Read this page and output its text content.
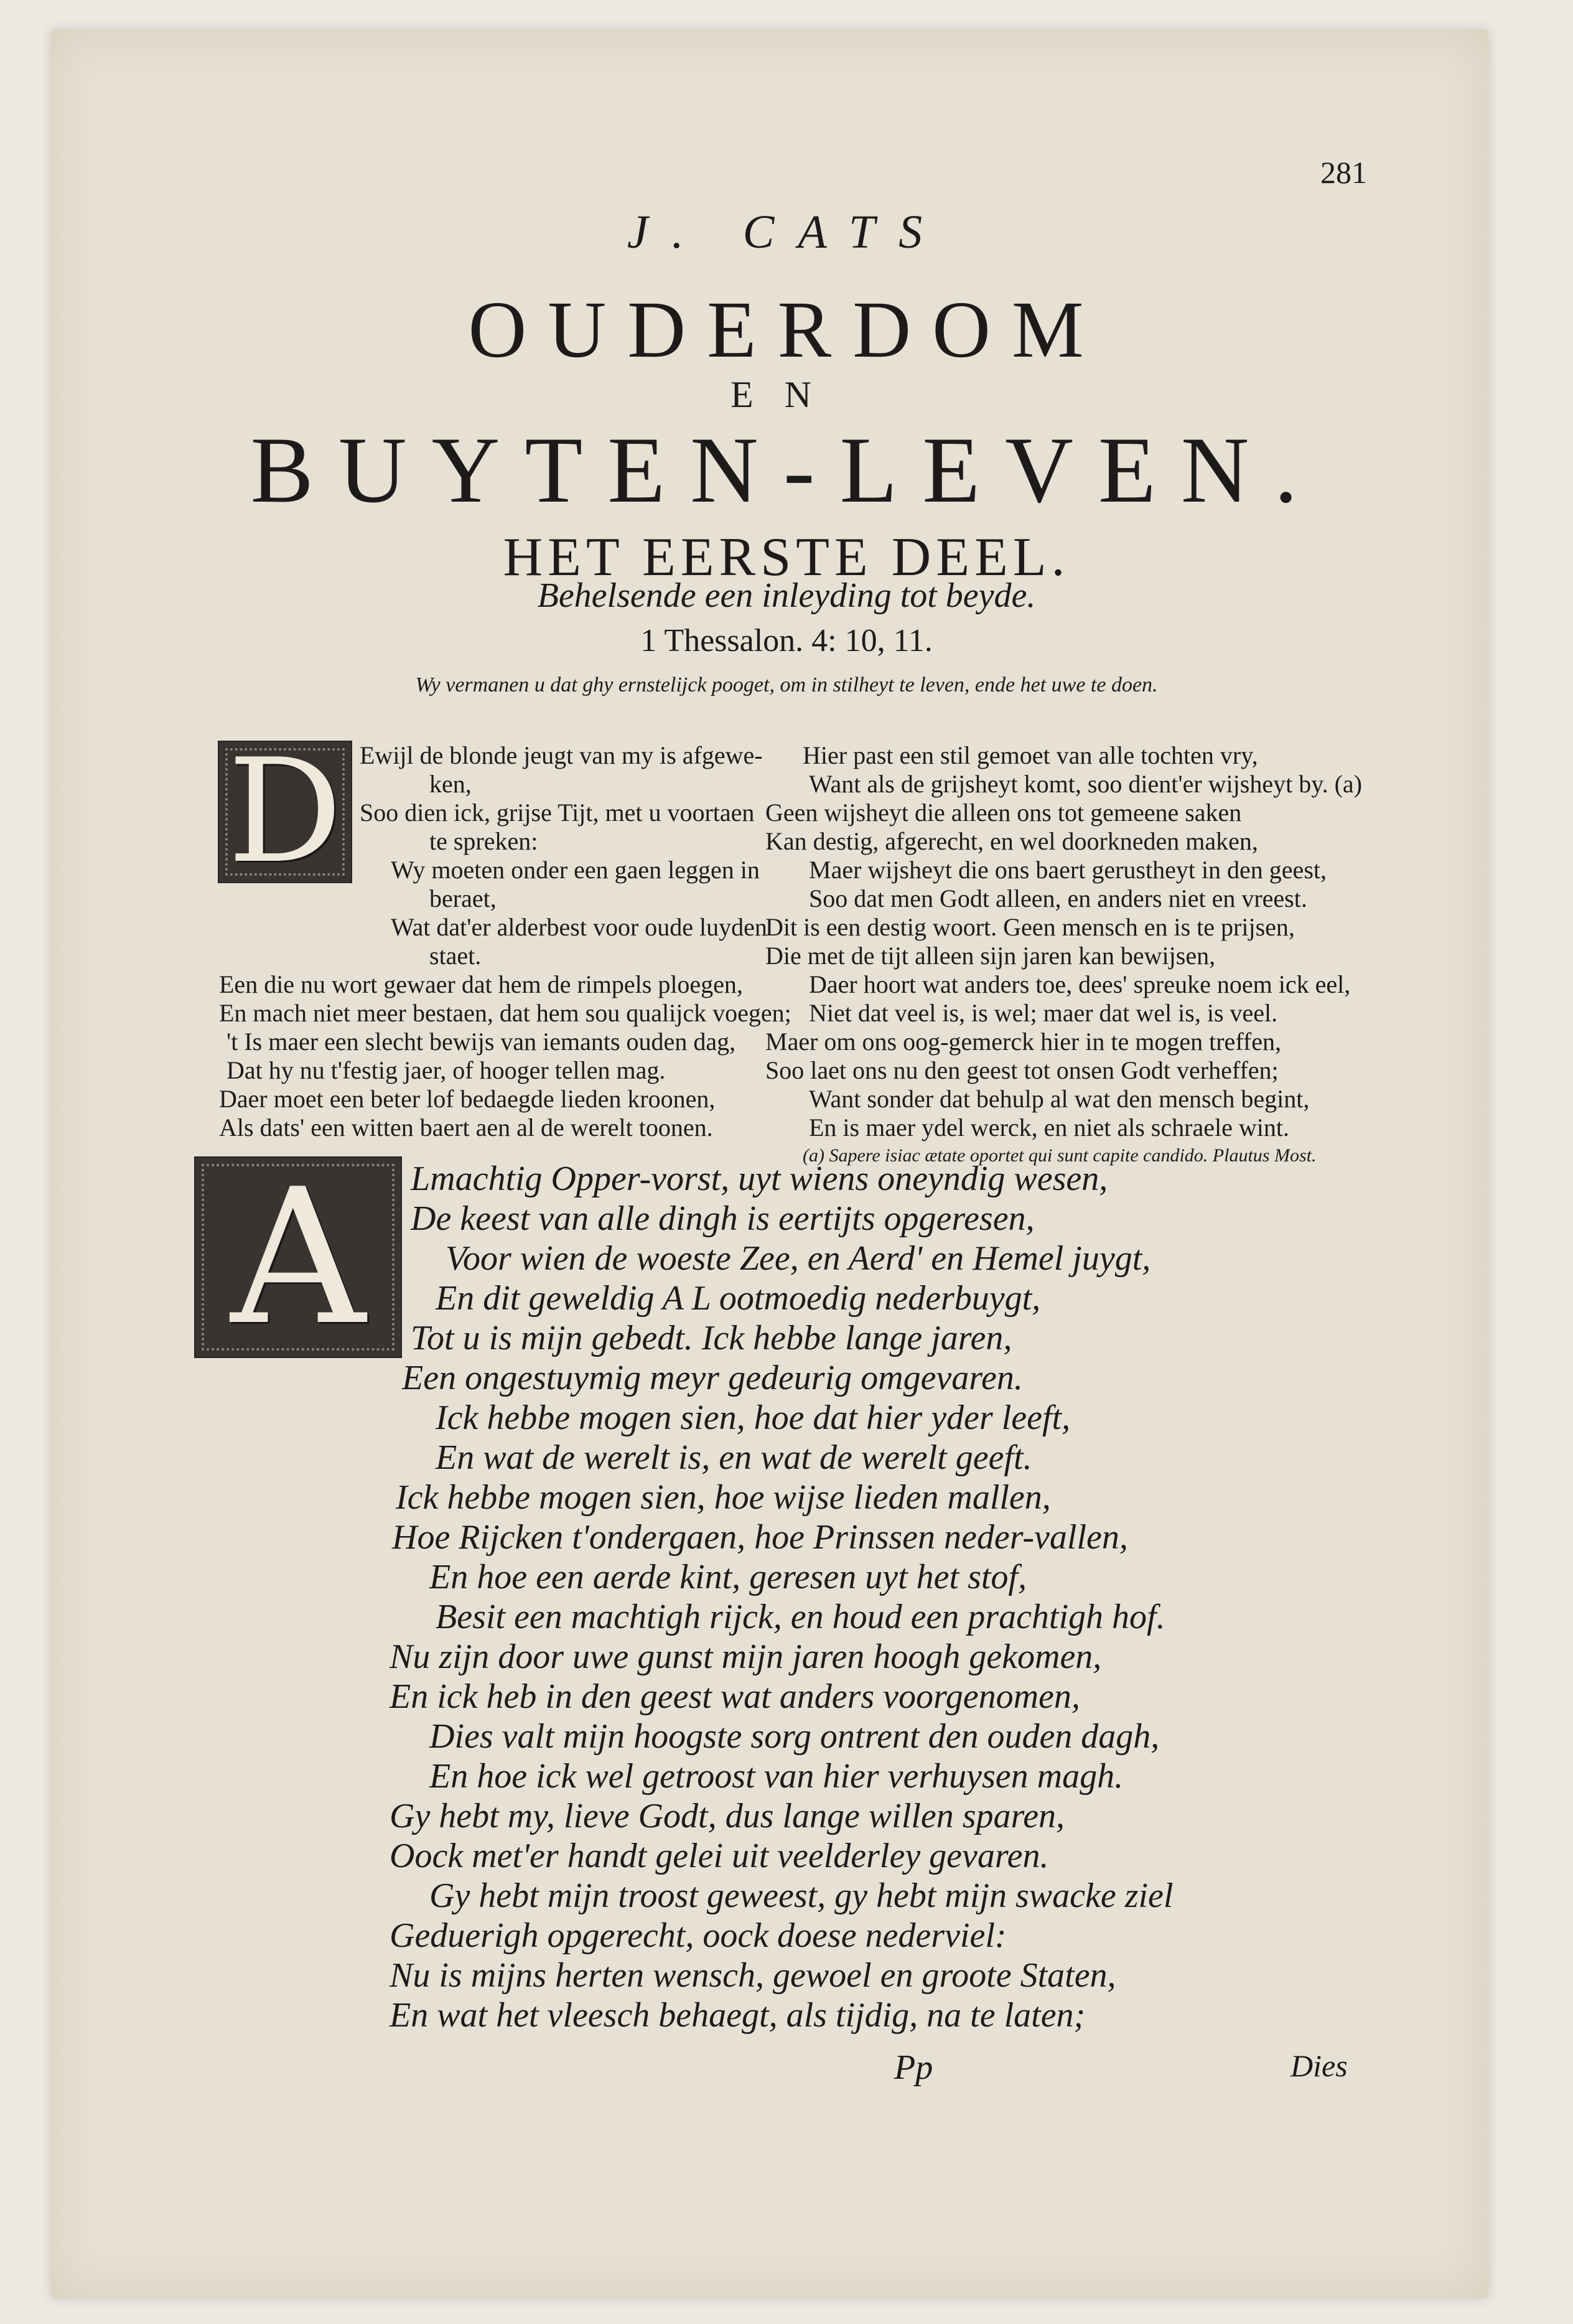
281

J. CATS

OUDERDOM

EN

BUYTEN-LEVEN.

HET EERSTE DEEL.

Behelsende een inleyding tot beyde.

1 Thessalon. 4: 10, 11.

Wy vermanen u dat ghy ernstelijck pooget, om in stilheyt te leven, ende het uwe te doen.

D Ewijl de blonde jeugt van my is afgewe-
ken,
Soo dien ick, grijse Tijt, met u voortaen
te spreken:
Wy moeten onder een gaen leggen in
beraet,
Wat dat'er alderbest voor oude luyden
staet.
Een die nu wort gewaer dat hem de rimpels ploegen,
En mach niet meer bestaen, dat hem sou qualijck voegen;
't Is maer een slecht bewijs van iemants ouden dag,
Dat hy nu t'festig jaer, of hooger tellen mag.
Daer moet een beter lof bedaegde lieden kroonen,
Als dats' een witten baert aen al de werelt toonen.
Hier past een stil gemoet van alle tochten vry,
Want als de grijsheyt komt, soo dient'er wijsheyt by. (a)
Geen wijsheyt die alleen ons tot gemeene saken
Kan destig, afgerecht, en wel doorkneden maken,
Maer wijsheyt die ons baert gerustheyt in den geest,
Soo dat men Godt alleen, en anders niet en vreest.
Dit is een destig woort. Geen mensch en is te prijsen,
Die met de tijt alleen sijn jaren kan bewijsen,
Daer hoort wat anders toe, dees' spreuke noem ick eel,
Niet dat veel is, is wel; maer dat wel is, is veel.
Maer om ons oog-gemerck hier in te mogen treffen,
Soo laet ons nu den geest tot onsen Godt verheffen;
Want sonder dat behulp al wat den mensch begint,
En is maer ydel werck, en niet als schraele wint.

(a) Sapere isiac ætate oportet qui sunt capite candido. Plautus Most.

A Lmachtig Opper-vorst, uyt wiens oneyndig wesen,
De keest van alle dingh is eertijts opgeresen,
Voor wien de woeste Zee, en Aerd' en Hemel juygt,
En dit geweldig A L ootmoedig nederbuygt,
Tot u is mijn gebedt. Ick hebbe lange jaren,
Een ongestuymig meyr gedeurig omgevaren.
Ick hebbe mogen sien, hoe dat hier yder leeft,
En wat de werelt is, en wat de werelt geeft.
Ick hebbe mogen sien, hoe wijse lieden mallen,
Hoe Rijcken t'ondergaen, hoe Prinssen neder-vallen,
En hoe een aerde kint, geresen uyt het stof,
Besit een machtigh rijck, en houd een prachtigh hof.
Nu zijn door uwe gunst mijn jaren hoogh gekomen,
En ick heb in den geest wat anders voorgenomen,
Dies valt mijn hoogste sorg ontrent den ouden dagh,
En hoe ick wel getroost van hier verhuysen magh.
Gy hebt my, lieve Godt, dus lange willen sparen,
Oock met'er handt gelei uit veelderley gevaren.
Gy hebt mijn troost geweest, gy hebt mijn swacke ziel
Geduerigh opgerecht, oock doese nederviel:
Nu is mijns herten wensch, gewoel en groote Staten,
En wat het vleesch behaegt, als tijdig, na te laten;

Pp	Dies
